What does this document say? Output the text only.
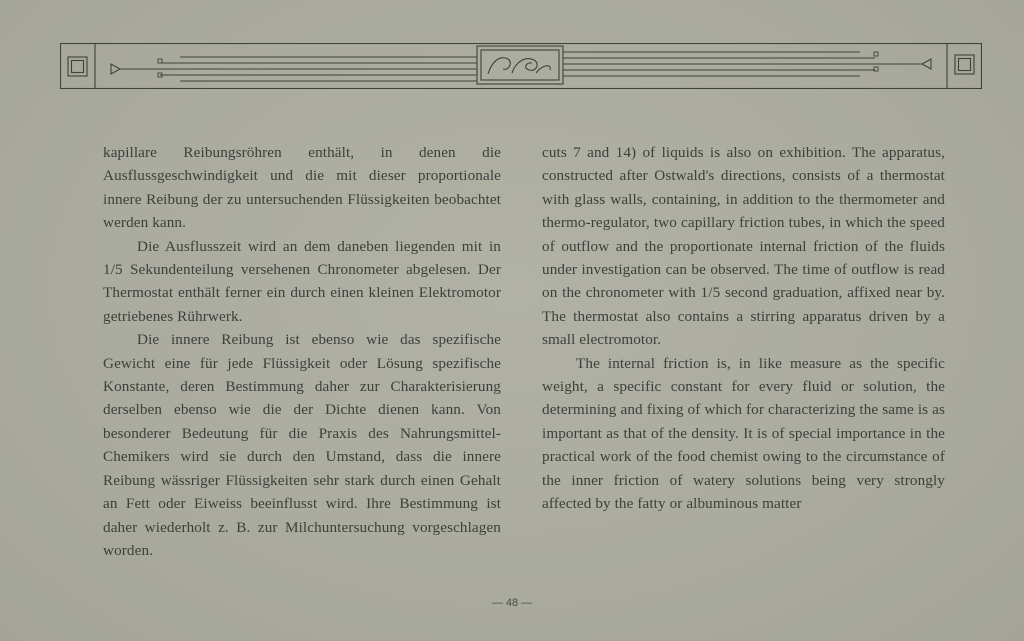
kapillare Reibungsröhren enthält, in denen die Ausflussgeschwindigkeit und die mit dieser proportionale innere Reibung der zu untersuchenden Flüssigkeiten beobachtet werden kann.

Die Ausflusszeit wird an dem daneben liegenden mit in 1/5 Sekundenteilung versehenen Chronometer abgelesen. Der Thermostat enthält ferner ein durch einen kleinen Elektromotor getriebenes Rührwerk.

Die innere Reibung ist ebenso wie das spezifische Gewicht eine für jede Flüssigkeit oder Lösung spezifische Konstante, deren Bestimmung daher zur Charakterisierung derselben ebenso wie die der Dichte dienen kann. Von besonderer Bedeutung für die Praxis des Nahrungsmittel-Chemikers wird sie durch den Umstand, dass die innere Reibung wässriger Flüssigkeiten sehr stark durch einen Gehalt an Fett oder Eiweiss beeinflusst wird. Ihre Bestimmung ist daher wiederholt z. B. zur Milchuntersuchung vorgeschlagen worden.

cuts 7 and 14) of liquids is also on exhibition. The apparatus, constructed after Ostwald's directions, consists of a thermostat with glass walls, containing, in addition to the thermometer and thermo-regulator, two capillary friction tubes, in which the speed of outflow and the proportionate internal friction of the fluids under investigation can be observed. The time of outflow is read on the chronometer with 1/5 second graduation, affixed near by. The thermostat also contains a stirring apparatus driven by a small electromotor.

The internal friction is, in like measure as the specific weight, a specific constant for every fluid or solution, the determining and fixing of which for characterizing the same is as important as that of the density. It is of special importance in the practical work of the food chemist owing to the circumstance of the inner friction of watery solutions being very strongly affected by the fatty or albuminous matter

— 48 —
